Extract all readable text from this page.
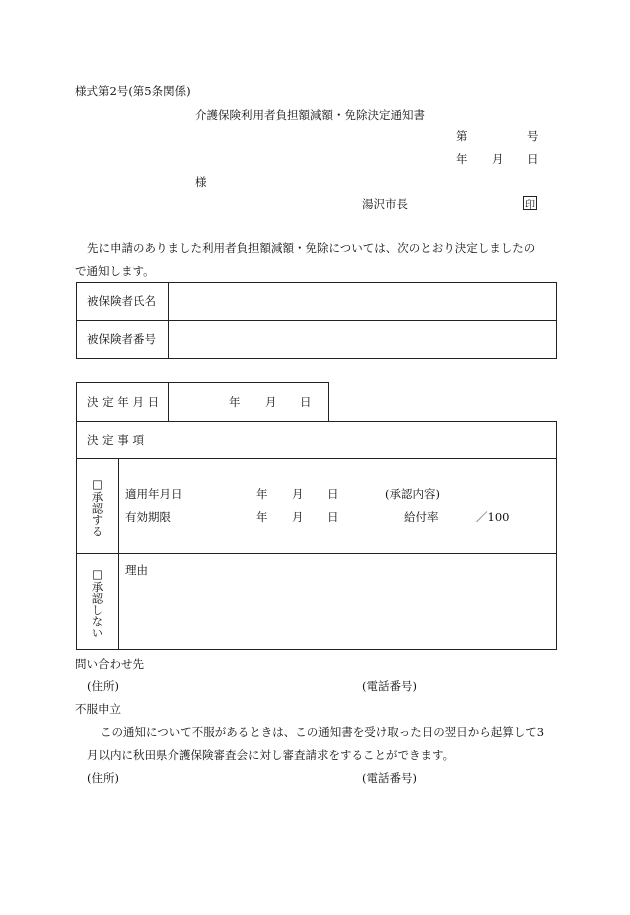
様式第2号(第5条関係)
介護保険利用者負担額減額・免除決定通知書
第	号
年 月 日
様
湯沢市長	印
先に申請のありました利用者負担額減額・免除については、次のとおり決定しましたの
で通知します。
被保険者氏名
被保険者番号
決 定 年 月 日	年 月 日
決 定 事 項
□承認する 適用年月日	年 月 日	(承認内容)
有効期限	年 月 日	給付率	／100
□承認しない 理由
問い合わせ先
(住所)	(電話番号)
不服申立
この通知について不服があるときは、この通知書を受け取った日の翌日から起算して3
月以内に秋田県介護保険審査会に対し審査請求をすることができます。
(住所)	(電話番号)
